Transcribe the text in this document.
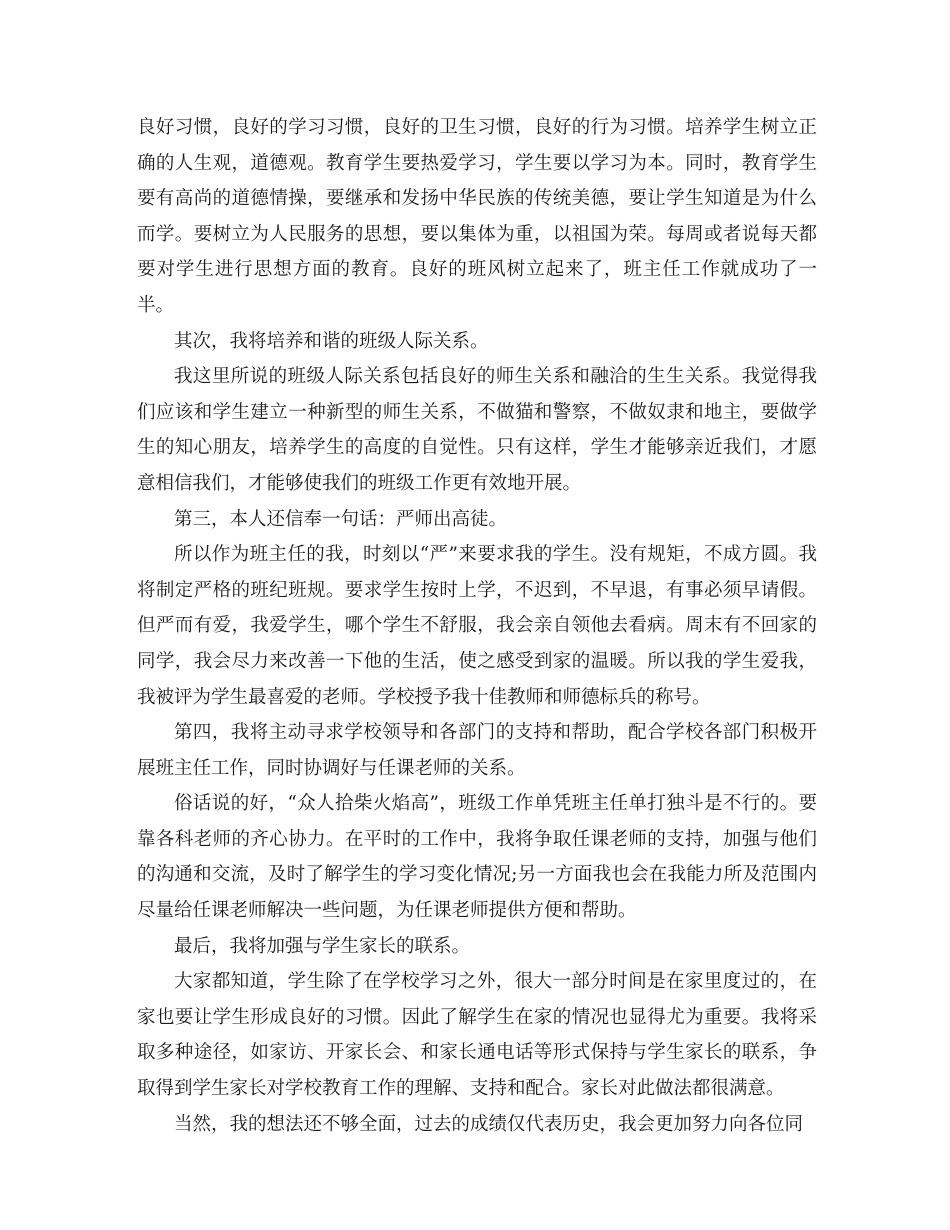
良好习惯，良好的学习习惯，良好的卫生习惯，良好的行为习惯。培养学生树立正确的人生观，道德观。教育学生要热爱学习，学生要以学习为本。同时，教育学生要有高尚的道德情操，要继承和发扬中华民族的传统美德，要让学生知道是为什么而学。要树立为人民服务的思想，要以集体为重，以祖国为荣。每周或者说每天都要对学生进行思想方面的教育。良好的班风树立起来了，班主任工作就成功了一半。

其次，我将培养和谐的班级人际关系。

我这里所说的班级人际关系包括良好的师生关系和融洽的生生关系。我觉得我们应该和学生建立一种新型的师生关系，不做猫和警察，不做奴隶和地主，要做学生的知心朋友，培养学生的高度的自觉性。只有这样，学生才能够亲近我们，才愿意相信我们，才能够使我们的班级工作更有效地开展。

第三，本人还信奉一句话：严师出高徒。

所以作为班主任的我，时刻以“严”来要求我的学生。没有规矩，不成方圆。我将制定严格的班纪班规。要求学生按时上学，不迟到，不早退，有事必须早请假。但严而有爱，我爱学生，哪个学生不舒服，我会亲自领他去看病。周末有不回家的同学，我会尽力来改善一下他的生活，使之感受到家的温暖。所以我的学生爱我，我被评为学生最喜爱的老师。学校授予我十佳教师和师德标兵的称号。

第四，我将主动寻求学校领导和各部门的支持和帮助，配合学校各部门积极开展班主任工作，同时协调好与任课老师的关系。

俗话说的好，“众人拾柴火焰高”，班级工作单凭班主任单打独斗是不行的。要靠各科老师的齐心协力。在平时的工作中，我将争取任课老师的支持，加强与他们的沟通和交流，及时了解学生的学习变化情况;另一方面我也会在我能力所及范围内尽量给任课老师解决一些问题，为任课老师提供方便和帮助。

最后，我将加强与学生家长的联系。

大家都知道，学生除了在学校学习之外，很大一部分时间是在家里度过的，在家也要让学生形成良好的习惯。因此了解学生在家的情况也显得尤为重要。我将采取多种途径，如家访、开家长会、和家长通电话等形式保持与学生家长的联系，争取得到学生家长对学校教育工作的理解、支持和配合。家长对此做法都很满意。

当然，我的想法还不够全面，过去的成绩仅代表历史，我会更加努力向各位同
